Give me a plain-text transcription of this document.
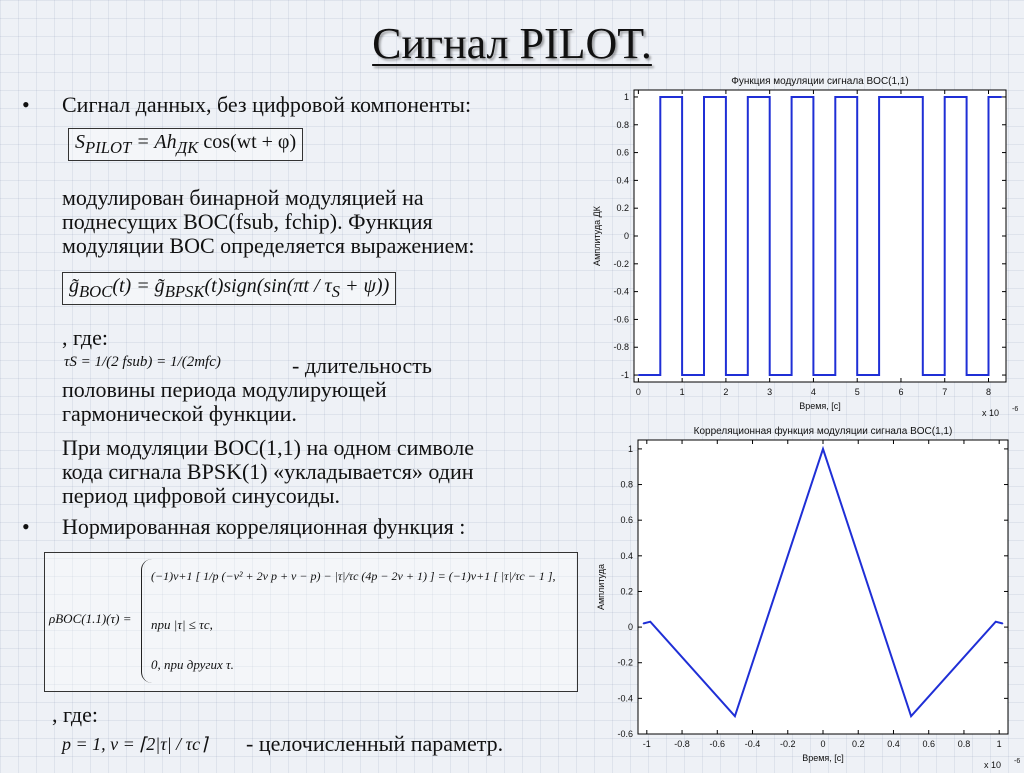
Сигнал PILOT.
• Сигнал данных, без цифровой компоненты:
$S_{PILOT} = Ah_{ДК}$ cos(wt + φ)
модулирован бинарной модуляцией на
поднесущих BOC(fsub, fchip). Функция
модуляции BOC определяется выражением:
$g̃_{BOC}(t)$ = $g̃_{BPSK}(t)sign(\sin(\pi t / \tau_S + \psi))$
, где:
τS = 1/(2 fsub) = 1/(2mfc)	- длительность
половины периода модулирующей
гармонической функции.
При модуляции BOC(1,1) на одном символе
кода сигнала BPSK(1) «укладывается» один
период цифровой синусоиды.
• Нормированная корреляционная функция :
ρBOC(1.1)(τ) =
(−1)ν+1 [ 1/p (−ν² + 2ν p + ν − p) − |τ|/τc (4p − 2ν + 1) ] = (−1)ν+1 [ |τ|/τc − 1 ],
при |τ| ≤ τc,
0, при других τ.
, где:
p = 1, ν = ⌈2|τ| / τc⌉ - целочисленный параметр.
Функция модуляции сигнала BOC(1,1)
0	1	2	3	4	5	6	7	8
-1
-0.8
-0.6
-0.4
-0.2
0
0.2
0.4
0.6
0.8
1
Время, [с]
x 10 -6
Амплитуда ДК
Корреляционная функция модуляции сигнала BOC(1,1)
-1	-0.8 -0.6 -0.4 -0.2	0	0.2	0.4	0.6	0.8	1
-0.6
-0.4
-0.2
0
0.2
0.4
0.6
0.8
1
Время, [с]
x 10 -6
Амплитуда
